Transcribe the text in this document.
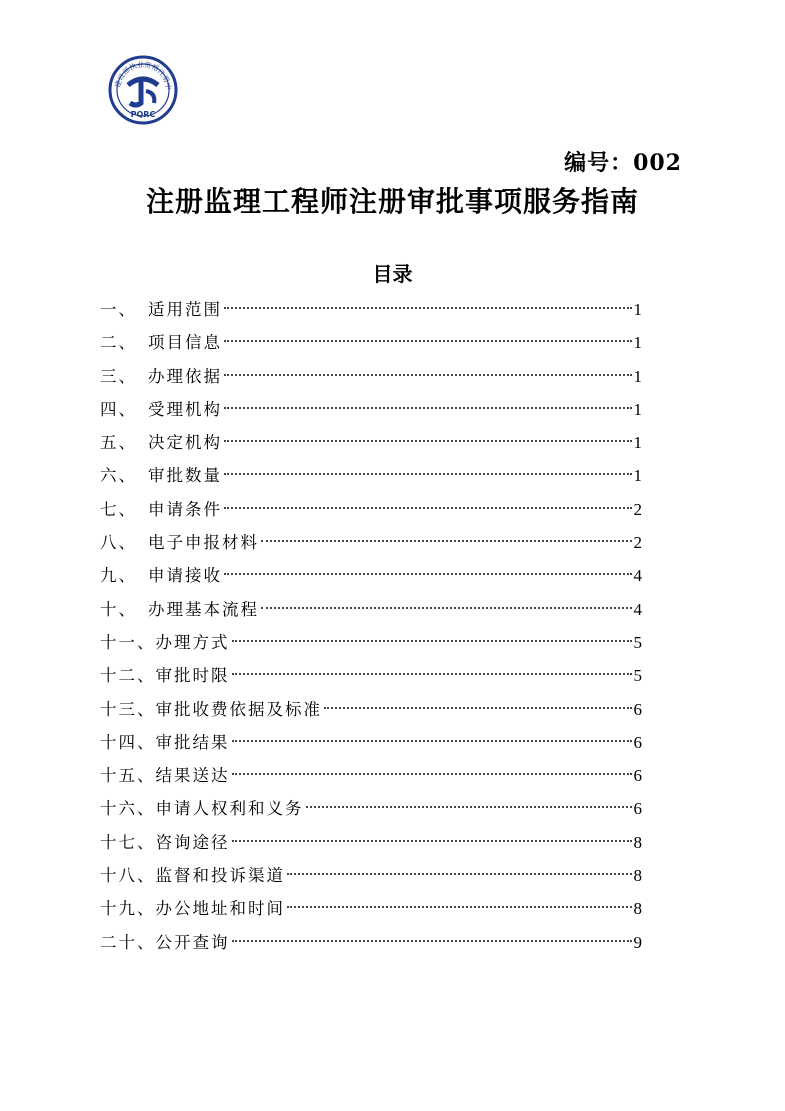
建设部执业资格注册中
PQRC
编号：002
注册监理工程师注册审批事项服务指南
目录
一、 适用范围	1
二、 项目信息	1
三、 办理依据	1
四、 受理机构	1
五、 决定机构	1
六、 审批数量	1
七、 申请条件	2
八、 电子申报材料	2
九、 申请接收	4
十、 办理基本流程	4
十一、 办理方式	5
十二、 审批时限	5
十三、 审批收费依据及标准	6
十四、 审批结果	6
十五、 结果送达	6
十六、 申请人权利和义务	6
十七、 咨询途径	8
十八、 监督和投诉渠道	8
十九、 办公地址和时间	8
二十、 公开查询	9
